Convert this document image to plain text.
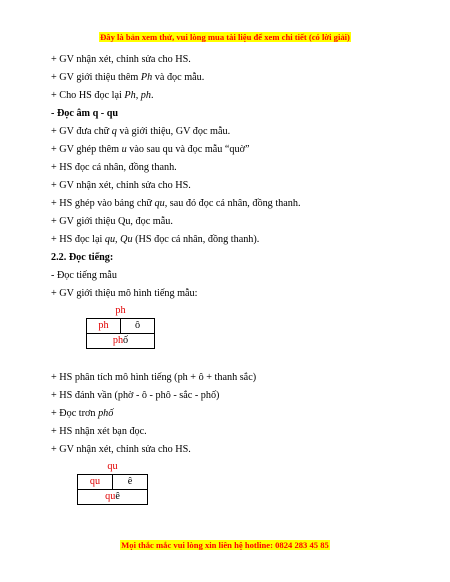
Đây là bản xem thử, vui lòng mua tài liệu để xem chi tiết (có lời giải)
+ GV nhận xét, chỉnh sửa cho HS.
+ GV giới thiệu thêm Ph và đọc mẫu.
+ Cho HS đọc lại Ph, ph.
- Đọc âm q - qu
+ GV đưa chữ q và giới thiệu, GV đọc mẫu.
+ GV ghép thêm u vào sau qu và đọc mẫu “quờ”
+ HS đọc cá nhân, đồng thanh.
+ GV nhận xét, chỉnh sửa cho HS.
+ HS ghép vào bảng chữ qu, sau đó đọc cá nhân, đồng thanh.
+ GV giới thiệu Qu, đọc mẫu.
+ HS đọc lại qu, Qu (HS đọc cá nhân, đồng thanh).
2.2. Đọc tiếng:
- Đọc tiếng mẫu
+ GV giới thiệu mô hình tiếng mẫu:
ph
ph	ô
phố
+ HS phân tích mô hình tiếng (ph + ô + thanh sắc)
+ HS đánh vần (phờ - ô - phô - sắc - phố)
+ Đọc trơn phố
+ HS nhận xét bạn đọc.
+ GV nhận xét, chỉnh sửa cho HS.
qu
qu	ê
quê
Mọi thắc mắc vui lòng xin liên hệ hotline: 0824 283 45 85
